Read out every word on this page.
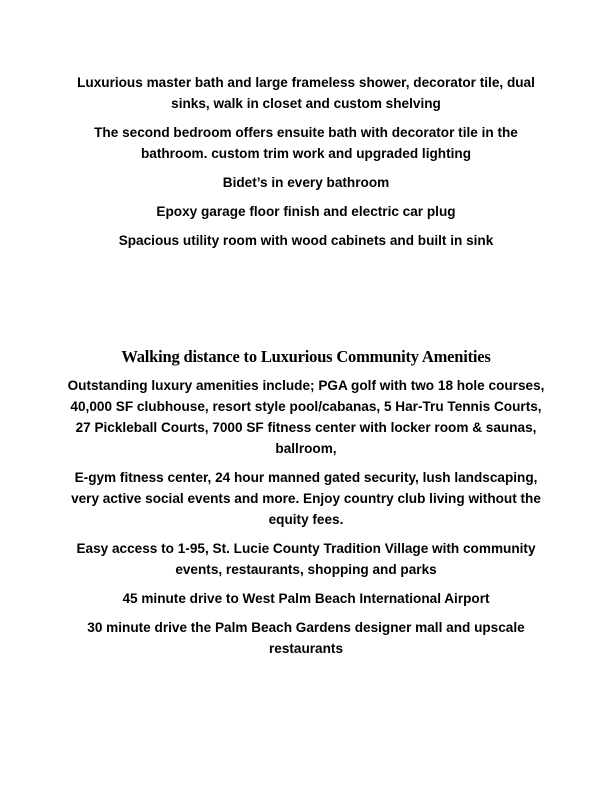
Luxurious master bath and large frameless shower, decorator tile, dual sinks, walk in closet and custom shelving

The second bedroom offers ensuite bath with decorator tile in the bathroom. custom trim work and upgraded lighting

Bidet’s in every bathroom

Epoxy garage floor finish and electric car plug

Spacious utility room with wood cabinets and built in sink

Walking distance to Luxurious Community Amenities

Outstanding luxury amenities include; PGA golf with two 18 hole courses, 40,000 SF clubhouse, resort style pool/cabanas, 5 Har-Tru Tennis Courts, 27 Pickleball Courts, 7000 SF fitness center with locker room & saunas, ballroom,

E-gym fitness center, 24 hour manned gated security, lush landscaping, very active social events and more. Enjoy country club living without the equity fees.

Easy access to 1-95, St. Lucie County Tradition Village with community events, restaurants, shopping and parks

45 minute drive to West Palm Beach International Airport

30 minute drive the Palm Beach Gardens designer mall and upscale restaurants
